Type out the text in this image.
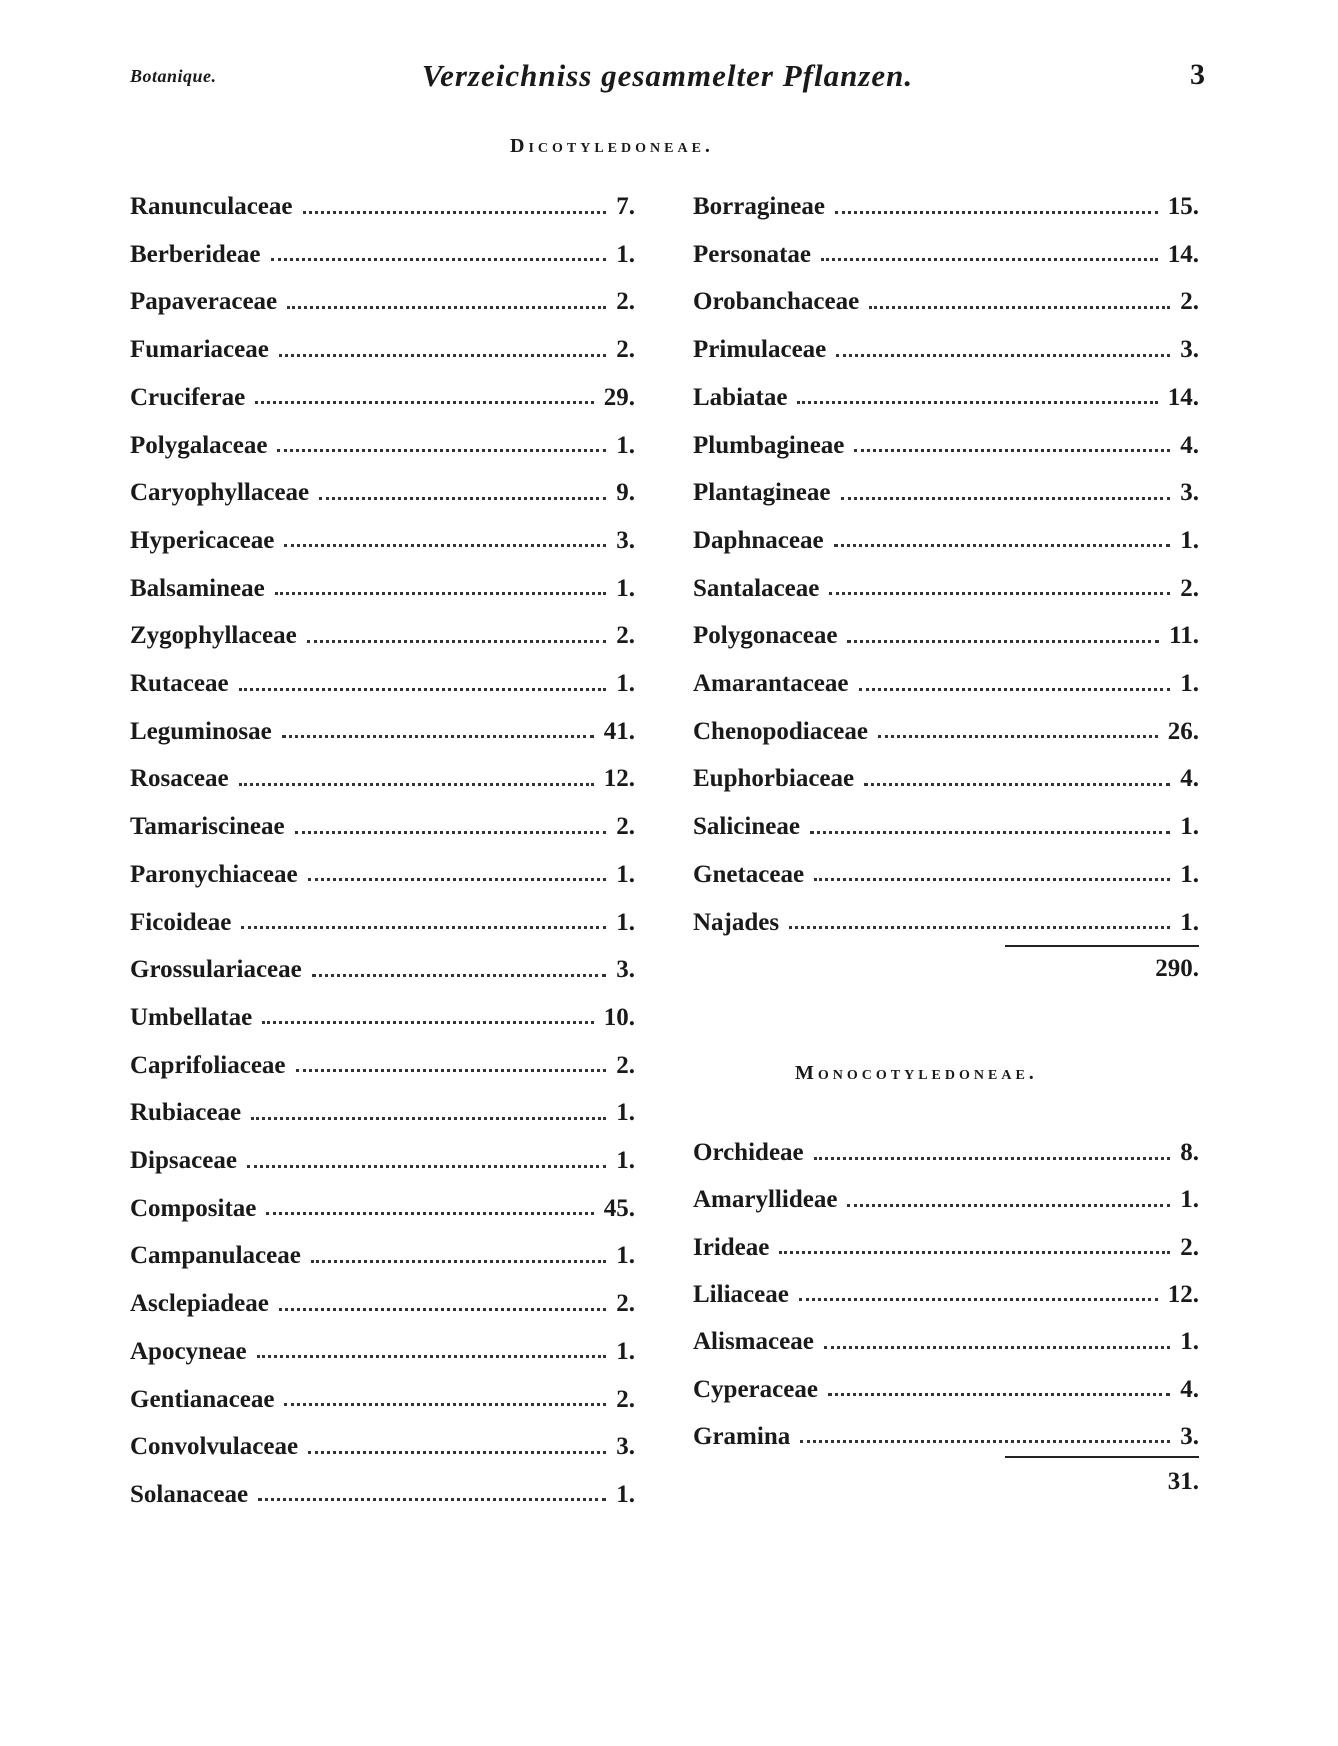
Botanique.	Verzeichniss gesammelter Pflanzen.	3
Dicotyledoneae.
Ranunculaceae	7.
Berberideae	1.
Papaveraceae	2.
Fumariaceae	2.
Cruciferae	29.
Polygalaceae	1.
Caryophyllaceae	9.
Hypericaceae	3.
Balsamineae	1.
Zygophyllaceae	2.
Rutaceae	1.
Leguminosae	41.
Rosaceae	12.
Tamariscineae	2.
Paronychiaceae	1.
Ficoideae	1.
Grossulariaceae	3.
Umbellatae	10.
Caprifoliaceae	2.
Rubiaceae	1.
Dipsaceae	1.
Compositae	45.
Campanulaceae	1.
Asclepiadeae	2.
Apocyneae	1.
Gentianaceae	2.
Convolvulaceae	3.
Solanaceae	1.
Borragineae	15.
Personatae	14.
Orobanchaceae	2.
Primulaceae	3.
Labiatae	14.
Plumbagineae	4.
Plantagineae	3.
Daphnaceae	1.
Santalaceae	2.
Polygonaceae	11.
Amarantaceae	1.
Chenopodiaceae	26.
Euphorbiaceae	4.
Salicineae	1.
Gnetaceae	1.
Najades	1.
290.
Monocotyledoneae.
Orchideae	8.
Amaryllideae	1.
Irideae	2.
Liliaceae	12.
Alismaceae	1.
Cyperaceae	4.
Gramina	3.
31.
